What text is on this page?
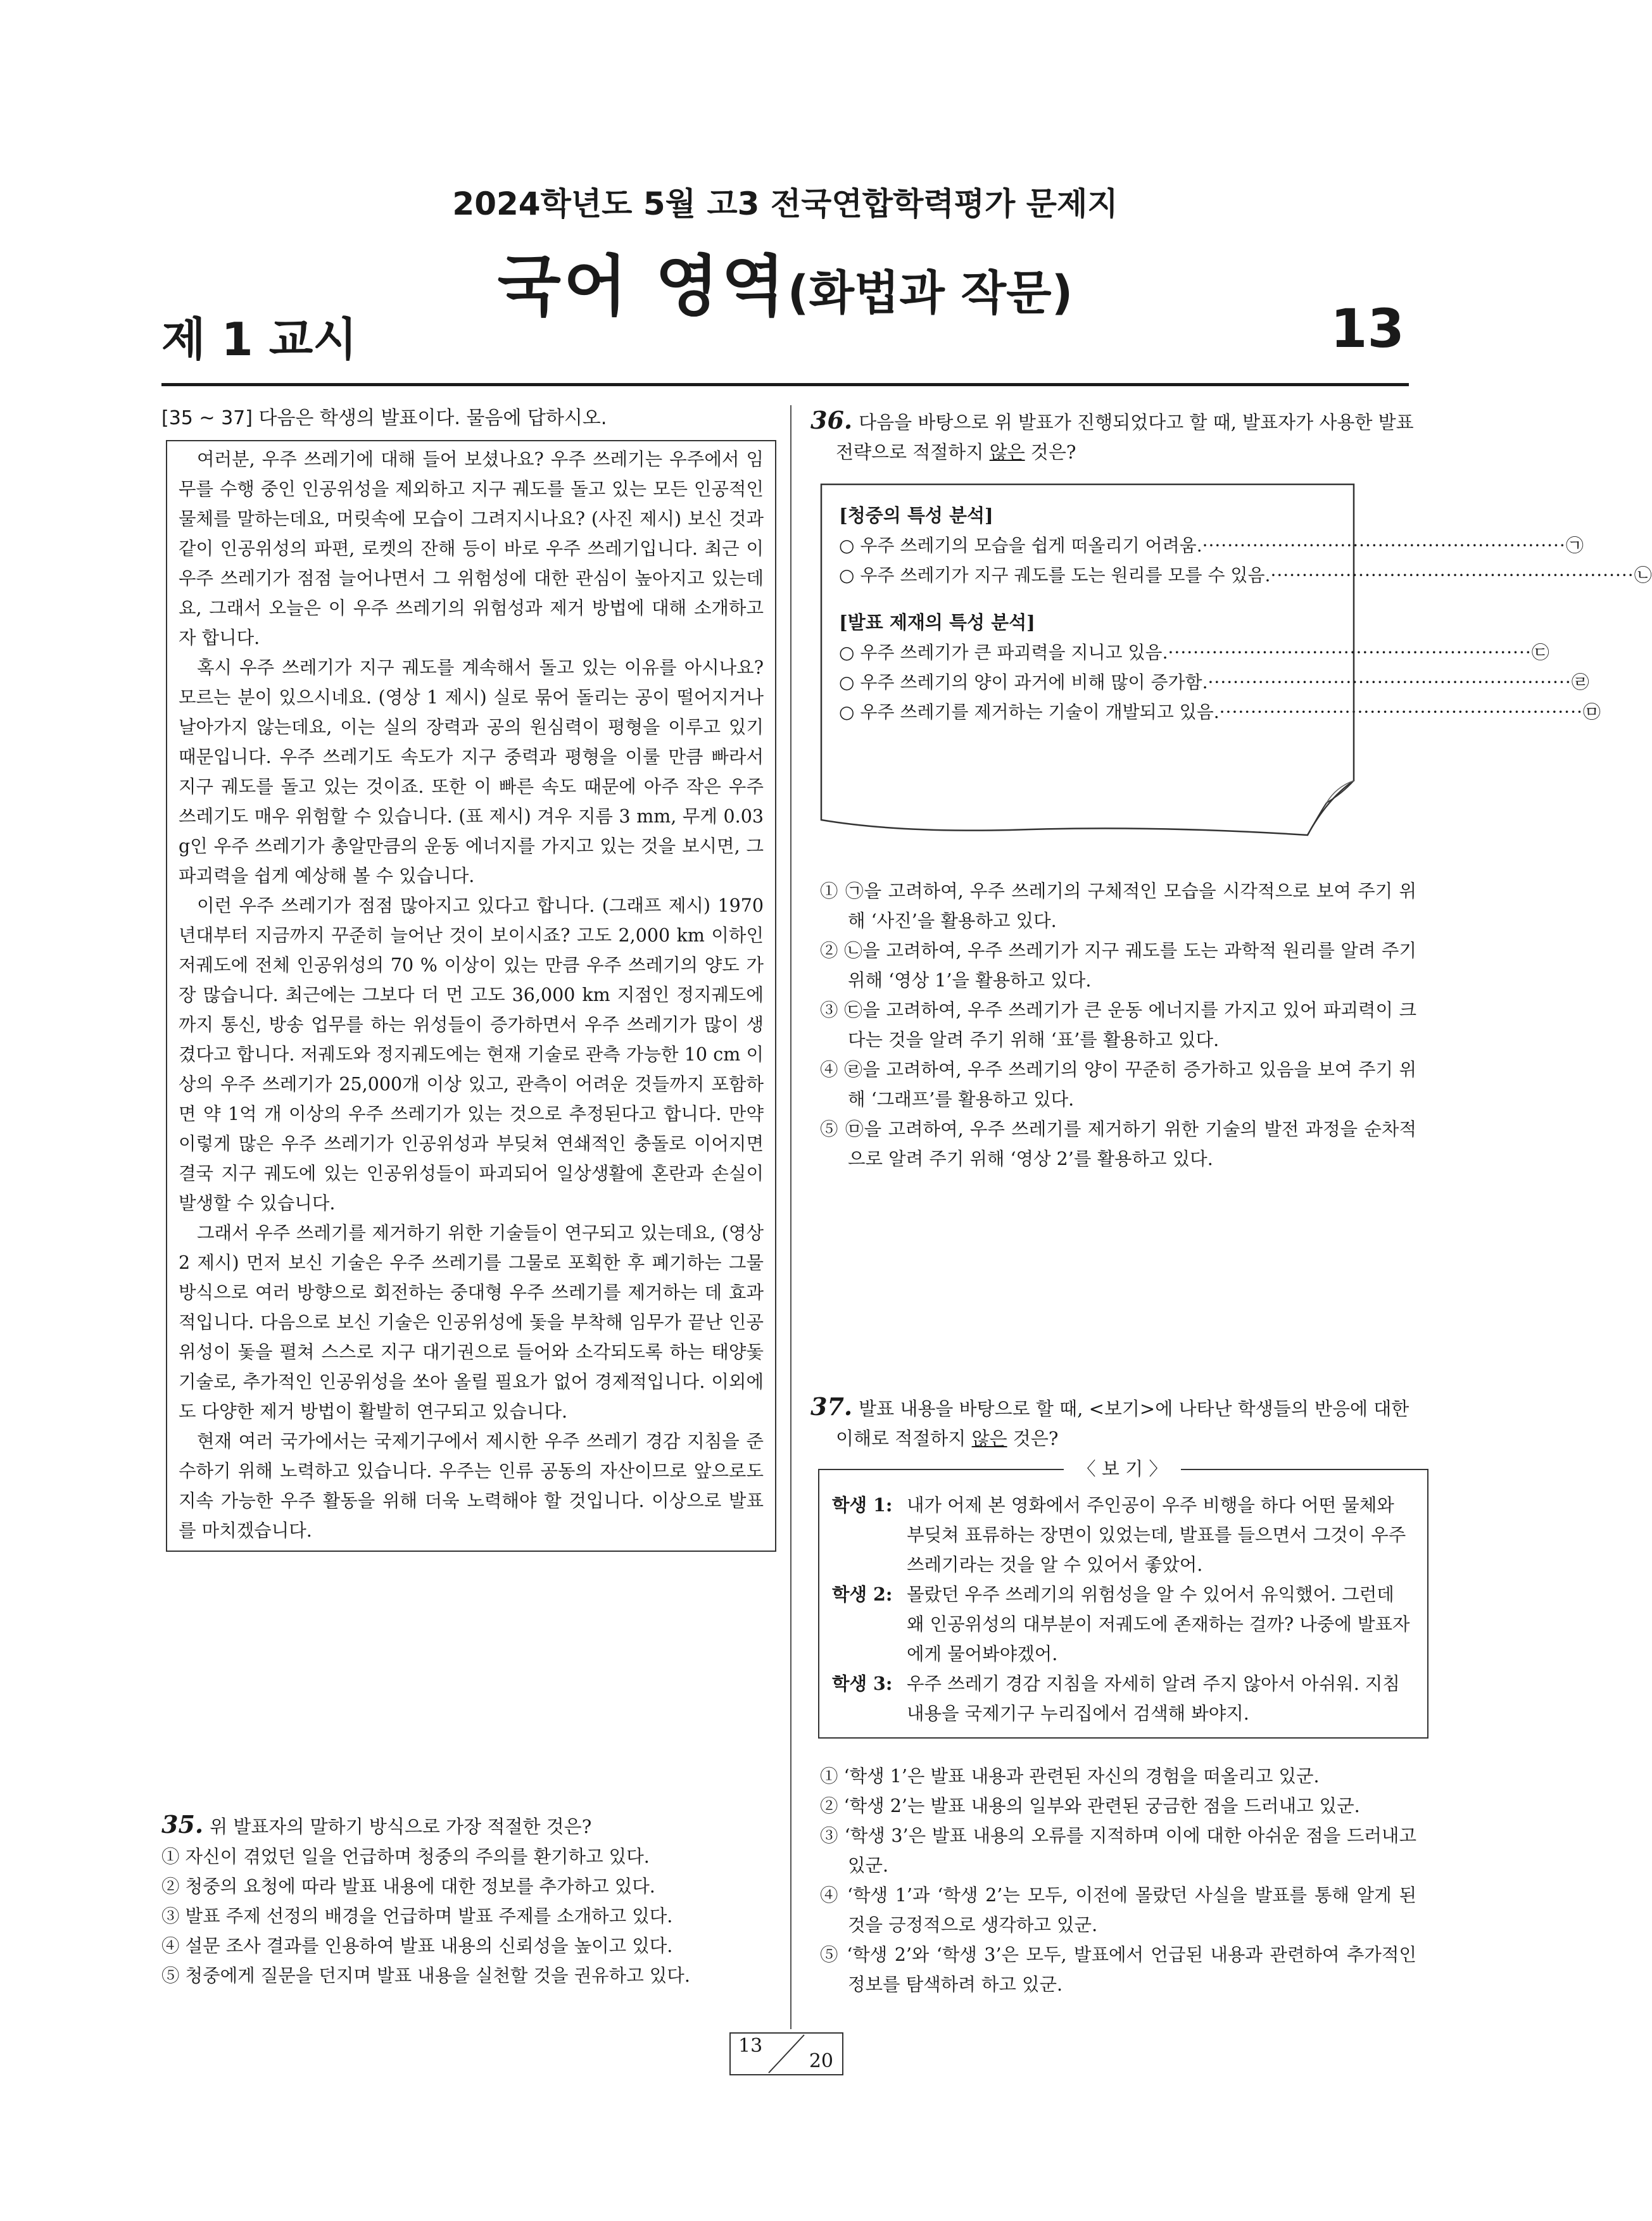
2024학년도 5월 고3 전국연합학력평가 문제지
국어 영역(화법과 작문)
제 1 교시	13
[35 ~ 37] 다음은 학생의 발표이다. 물음에 답하시오.
여러분, 우주 쓰레기에 대해 들어 보셨나요? 우주 쓰레기는 우주에서 임무를 수행 중인 인공위성을 제외하고 지구 궤도를 돌고 있는 모든 인공적인 물체를 말하는데요, 머릿속에 모습이 그려지시나요? (사진 제시) 보신 것과 같이 인공위성의 파편, 로켓의 잔해 등이 바로 우주 쓰레기입니다. 최근 이 우주 쓰레기가 점점 늘어나면서 그 위험성에 대한 관심이 높아지고 있는데요, 그래서 오늘은 이 우주 쓰레기의 위험성과 제거 방법에 대해 소개하고자 합니다.
혹시 우주 쓰레기가 지구 궤도를 계속해서 돌고 있는 이유를 아시나요? 모르는 분이 있으시네요. (영상 1 제시) 실로 묶어 돌리는 공이 떨어지거나 날아가지 않는데요, 이는 실의 장력과 공의 원심력이 평형을 이루고 있기 때문입니다. 우주 쓰레기도 속도가 지구 중력과 평형을 이룰 만큼 빠라서 지구 궤도를 돌고 있는 것이죠. 또한 이 빠른 속도 때문에 아주 작은 우주 쓰레기도 매우 위험할 수 있습니다. (표 제시) 겨우 지름 3 mm, 무게 0.03 g인 우주 쓰레기가 총알만큼의 운동 에너지를 가지고 있는 것을 보시면, 그 파괴력을 쉽게 예상해 볼 수 있습니다.
이런 우주 쓰레기가 점점 많아지고 있다고 합니다. (그래프 제시) 1970년대부터 지금까지 꾸준히 늘어난 것이 보이시죠? 고도 2,000 km 이하인 저궤도에 전체 인공위성의 70 % 이상이 있는 만큼 우주 쓰레기의 양도 가장 많습니다. 최근에는 그보다 더 먼 고도 36,000 km 지점인 정지궤도에까지 통신, 방송 업무를 하는 위성들이 증가하면서 우주 쓰레기가 많이 생겼다고 합니다. 저궤도와 정지궤도에는 현재 기술로 관측 가능한 10 cm 이상의 우주 쓰레기가 25,000개 이상 있고, 관측이 어려운 것들까지 포함하면 약 1억 개 이상의 우주 쓰레기가 있는 것으로 추정된다고 합니다. 만약 이렇게 많은 우주 쓰레기가 인공위성과 부딪쳐 연쇄적인 충돌로 이어지면 결국 지구 궤도에 있는 인공위성들이 파괴되어 일상생활에 혼란과 손실이 발생할 수 있습니다.
그래서 우주 쓰레기를 제거하기 위한 기술들이 연구되고 있는데요, (영상 2 제시) 먼저 보신 기술은 우주 쓰레기를 그물로 포획한 후 폐기하는 그물 방식으로 여러 방향으로 회전하는 중대형 우주 쓰레기를 제거하는 데 효과적입니다. 다음으로 보신 기술은 인공위성에 돛을 부착해 임무가 끝난 인공위성이 돛을 펼쳐 스스로 지구 대기권으로 들어와 소각되도록 하는 태양돛 기술로, 추가적인 인공위성을 쏘아 올릴 필요가 없어 경제적입니다. 이외에도 다양한 제거 방법이 활발히 연구되고 있습니다.
현재 여러 국가에서는 국제기구에서 제시한 우주 쓰레기 경감 지침을 준수하기 위해 노력하고 있습니다. 우주는 인류 공동의 자산이므로 앞으로도 지속 가능한 우주 활동을 위해 더욱 노력해야 할 것입니다. 이상으로 발표를 마치겠습니다.
35. 위 발표자의 말하기 방식으로 가장 적절한 것은?
① 자신이 겪었던 일을 언급하며 청중의 주의를 환기하고 있다.
② 청중의 요청에 따라 발표 내용에 대한 정보를 추가하고 있다.
③ 발표 주제 선정의 배경을 언급하며 발표 주제를 소개하고 있다.
④ 설문 조사 결과를 인용하여 발표 내용의 신뢰성을 높이고 있다.
⑤ 청중에게 질문을 던지며 발표 내용을 실천할 것을 권유하고 있다.
36. 다음을 바탕으로 위 발표가 진행되었다고 할 때, 발표자가 사용한 발표 전략으로 적절하지 않은 것은?
[청중의 특성 분석]
○ 우주 쓰레기의 모습을 쉽게 떠올리기 어려움. ·························································· ㉠
○ 우주 쓰레기가 지구 궤도를 도는 원리를 모를 수 있음. ·························································· ㉡
[발표 제재의 특성 분석]
○ 우주 쓰레기가 큰 파괴력을 지니고 있음. ·························································· ㉢
○ 우주 쓰레기의 양이 과거에 비해 많이 증가함. ·························································· ㉣
○ 우주 쓰레기를 제거하는 기술이 개발되고 있음. ·························································· ㉤
① ㉠을 고려하여, 우주 쓰레기의 구체적인 모습을 시각적으로 보여 주기 위해 ‘사진’을 활용하고 있다.
② ㉡을 고려하여, 우주 쓰레기가 지구 궤도를 도는 과학적 원리를 알려 주기 위해 ‘영상 1’을 활용하고 있다.
③ ㉢을 고려하여, 우주 쓰레기가 큰 운동 에너지를 가지고 있어 파괴력이 크다는 것을 알려 주기 위해 ‘표’를 활용하고 있다.
④ ㉣을 고려하여, 우주 쓰레기의 양이 꾸준히 증가하고 있음을 보여 주기 위해 ‘그래프’를 활용하고 있다.
⑤ ㉤을 고려하여, 우주 쓰레기를 제거하기 위한 기술의 발전 과정을 순차적으로 알려 주기 위해 ‘영상 2’를 활용하고 있다.
37. 발표 내용을 바탕으로 할 때, <보기>에 나타난 학생들의 반응에 대한 이해로 적절하지 않은 것은?
학생 1: 내가 어제 본 영화에서 주인공이 우주 비행을 하다 어떤 물체와 부딪쳐 표류하는 장면이 있었는데, 발표를 들으면서 그것이 우주 쓰레기라는 것을 알 수 있어서 좋았어.
학생 2: 몰랐던 우주 쓰레기의 위험성을 알 수 있어서 유익했어. 그런데 왜 인공위성의 대부분이 저궤도에 존재하는 걸까? 나중에 발표자에게 물어봐야겠어.
학생 3: 우주 쓰레기 경감 지침을 자세히 알려 주지 않아서 아쉬워. 지침 내용을 국제기구 누리집에서 검색해 봐야지.
〈 보 기 〉
① ‘학생 1’은 발표 내용과 관련된 자신의 경험을 떠올리고 있군.
② ‘학생 2’는 발표 내용의 일부와 관련된 궁금한 점을 드러내고 있군.
③ ‘학생 3’은 발표 내용의 오류를 지적하며 이에 대한 아쉬운 점을 드러내고 있군.
④ ‘학생 1’과 ‘학생 2’는 모두, 이전에 몰랐던 사실을 발표를 통해 알게 된 것을 긍정적으로 생각하고 있군.
⑤ ‘학생 2’와 ‘학생 3’은 모두, 발표에서 언급된 내용과 관련하여 추가적인 정보를 탐색하려 하고 있군.
13
20
